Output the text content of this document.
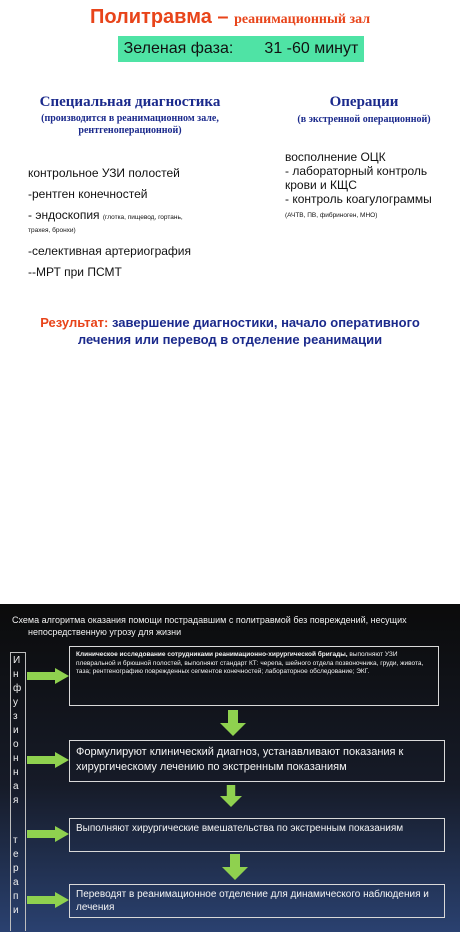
Политравма – реанимационный зал
Зеленая фаза:       31 -60 минут
Специальная диагностика
(производится в реанимационном зале,
рентгеноперационной)
Операции
(в экстренной операционной)
контрольное УЗИ полостей
-рентген конечностей
- эндоскопия (глотка, пищевод, гортань,
трахея, бронхи)
-селективная артериография
--МРТ при ПСМТ
восполнение ОЦК
- лабораторный контроль
крови и КЩС
- контроль коагулограммы
(АЧТВ, ПВ, фибриноген, МНО)
Результат: завершение диагностики, начало оперативного
лечения или перевод в отделение реанимации
Схема алгоритма оказания помощи пострадавшим с политравмой без повреждений, несущих
непосредственную угрозу для жизни
И
н
ф
у
з
и
о
н
н
а
я
т
е
р
а
п
и
Клиническое исследование сотрудниками реанимационно-хирургической бригады, выполняют УЗИ плевральной и брюшной полостей, выполняют стандарт КТ: черепа, шейного отдела позвоночника, груди, живота, таза; рентгенографию поврежденных сегментов конечностей; лабораторное обследование; ЭКГ.
Формулируют клинический диагноз, устанавливают показания к хирургическому лечению по экстренным показаниям
Выполняют хирургические вмешательства по экстренным показаниям
Переводят в реанимационное отделение для динамического наблюдения и лечения
